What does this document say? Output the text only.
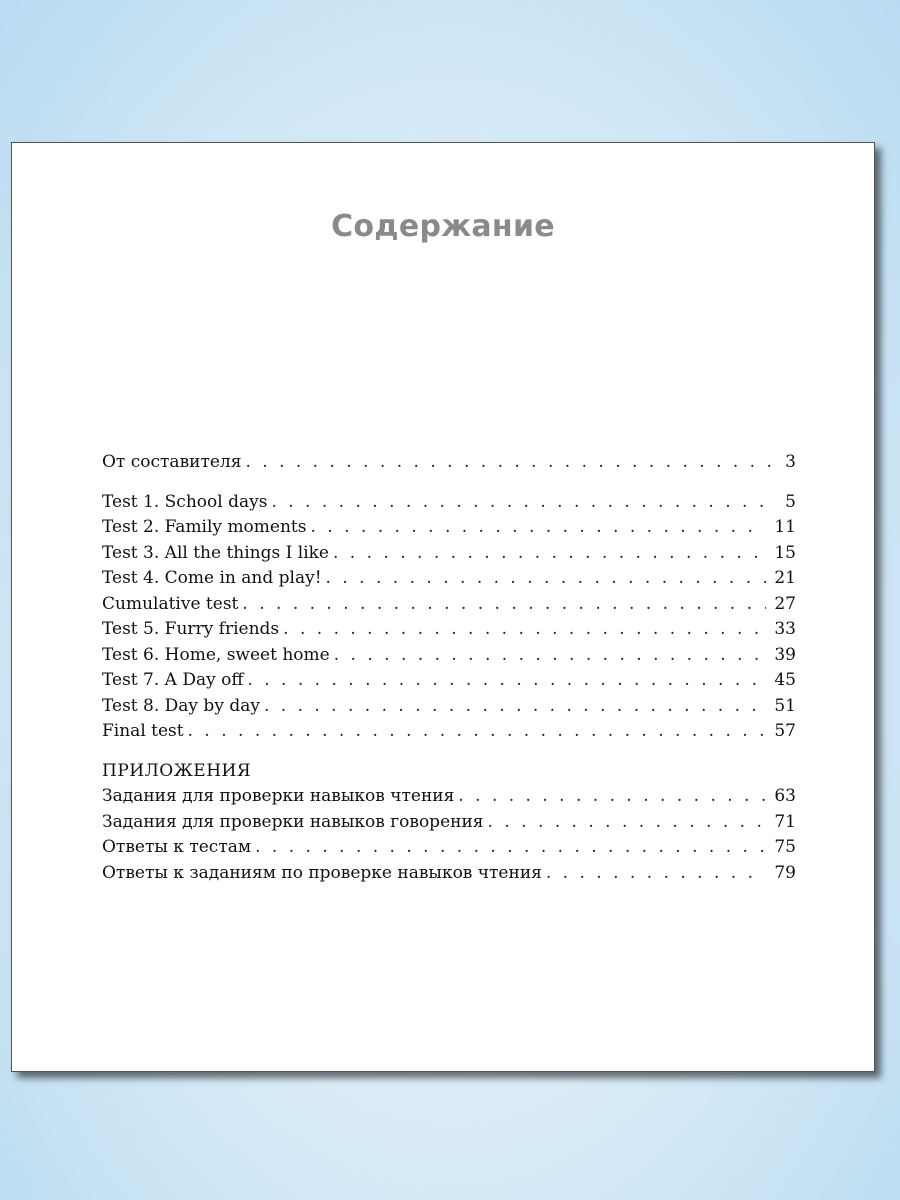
Содержание
От составителя . . .	3
Test 1. School days . . .	5
Test 2. Family moments . . .	11
Test 3. All the things I like . . .	15
Test 4. Come in and play! . . .	21
Cumulative test . . .	27
Test 5. Furry friends . . .	33
Test 6. Home, sweet home . . .	39
Test 7. A Day off . . .	45
Test 8. Day by day . . .	51
Final test . . .	57
ПРИЛОЖЕНИЯ
Задания для проверки навыков чтения . . .	63
Задания для проверки навыков говорения . . .	71
Ответы к тестам . . .	75
Ответы к заданиям по проверке навыков чтения . . .	79
